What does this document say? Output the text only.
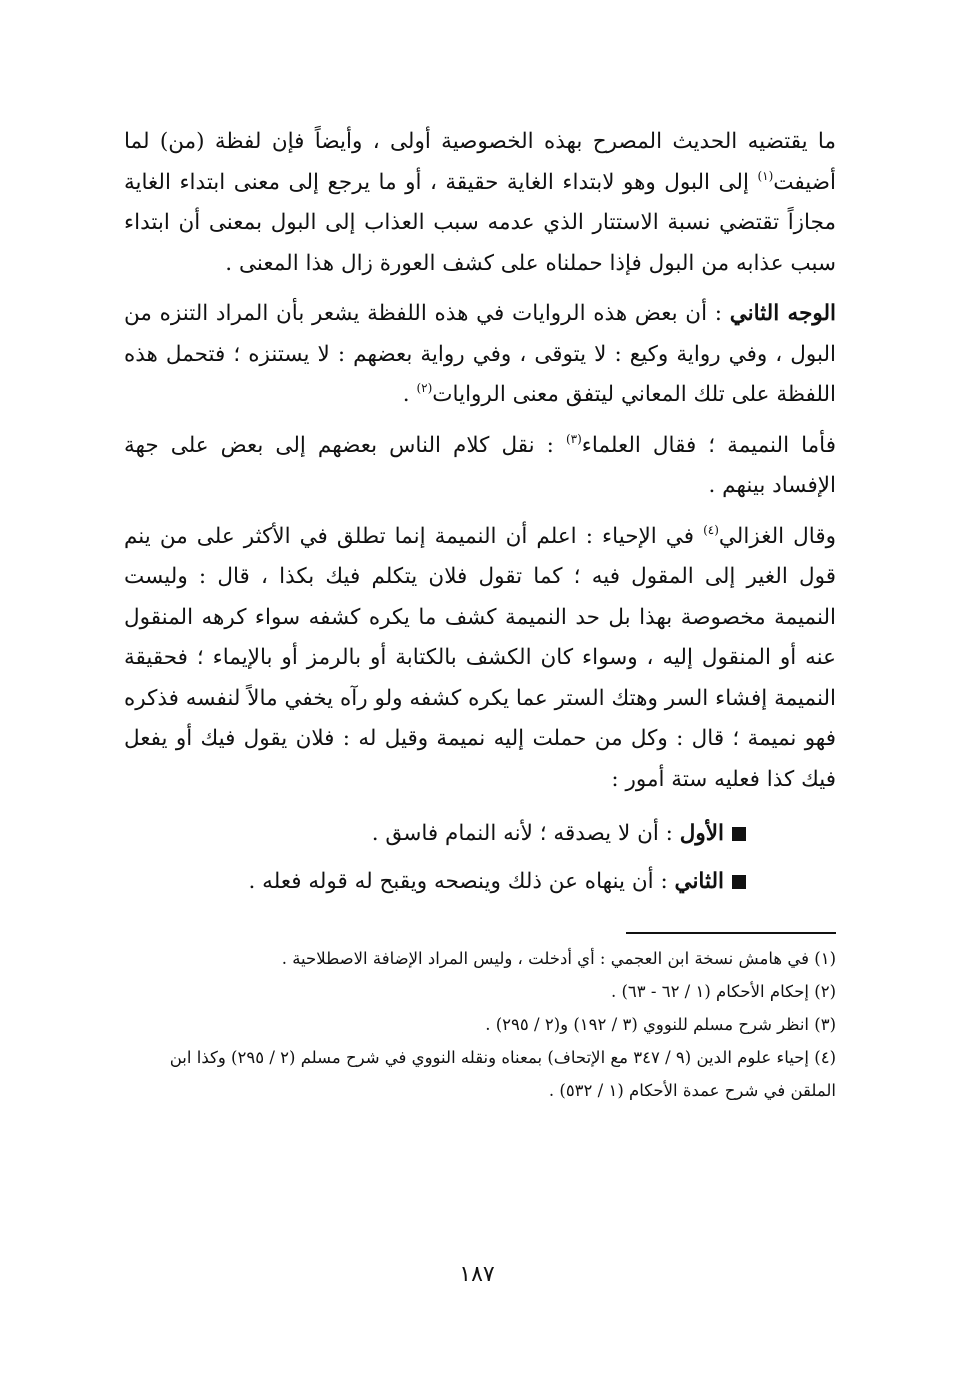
ما يقتضيه الحديث المصرح بهذه الخصوصية أولى ، وأيضاً فإن لفظة (من) لما أضيفت$^{(١)}$ إلى البول وهو لابتداء الغاية حقيقة ، أو ما يرجع إلى معنى ابتداء الغاية مجازاً تقتضي نسبة الاستتار الذي عدمه سبب العذاب إلى البول بمعنى أن ابتداء سبب عذابه من البول فإذا حملناه على كشف العورة زال هذا المعنى .

الوجه الثاني : أن بعض هذه الروايات في هذه اللفظة يشعر بأن المراد التنزه من البول ، وفي رواية وكيع : لا يتوقى ، وفي رواية بعضهم : لا يستنزه ؛ فتحمل هذه اللفظة على تلك المعاني ليتفق معنى الروايات$^{(٢)}$ .

فأما النميمة ؛ فقال العلماء$^{(٣)}$ : نقل كلام الناس بعضهم إلى بعض على جهة الإفساد بينهم .

وقال الغزالي$^{(٤)}$ في الإحياء : اعلم أن النميمة إنما تطلق في الأكثر على من ينم قول الغير إلى المقول فيه ؛ كما تقول فلان يتكلم فيك بكذا ، قال : وليست النميمة مخصوصة بهذا بل حد النميمة كشف ما يكره كشفه سواء كرهه المنقول عنه أو المنقول إليه ، وسواء كان الكشف بالكتابة أو بالرمز أو بالإيماء ؛ فحقيقة النميمة إفشاء السر وهتك الستر عما يكره كشفه ولو رآه يخفي مالاً لنفسه فذكره فهو نميمة ؛ قال : وكل من حملت إليه نميمة وقيل له : فلان يقول فيك أو يفعل فيك كذا فعليه ستة أمور :

الأول : أن لا يصدقه ؛ لأنه النمام فاسق .
الثاني : أن ينهاه عن ذلك وينصحه ويقبح له قوله فعله .

(١) في هامش نسخة ابن العجمي : أي أدخلت ، وليس المراد الإضافة الاصطلاحية .

(٢) إحكام الأحكام (١ / ٦٢ - ٦٣) .

(٣) انظر شرح مسلم للنووي (٣ / ١٩٢) و(٢ / ٢٩٥) .

(٤) إحياء علوم الدين (٩ / ٣٤٧ مع الإتحاف) بمعناه ونقله النووي في شرح مسلم (٢ / ٢٩٥) وكذا ابن الملقن في شرح عمدة الأحكام (١ / ٥٣٢) .

١٨٧
